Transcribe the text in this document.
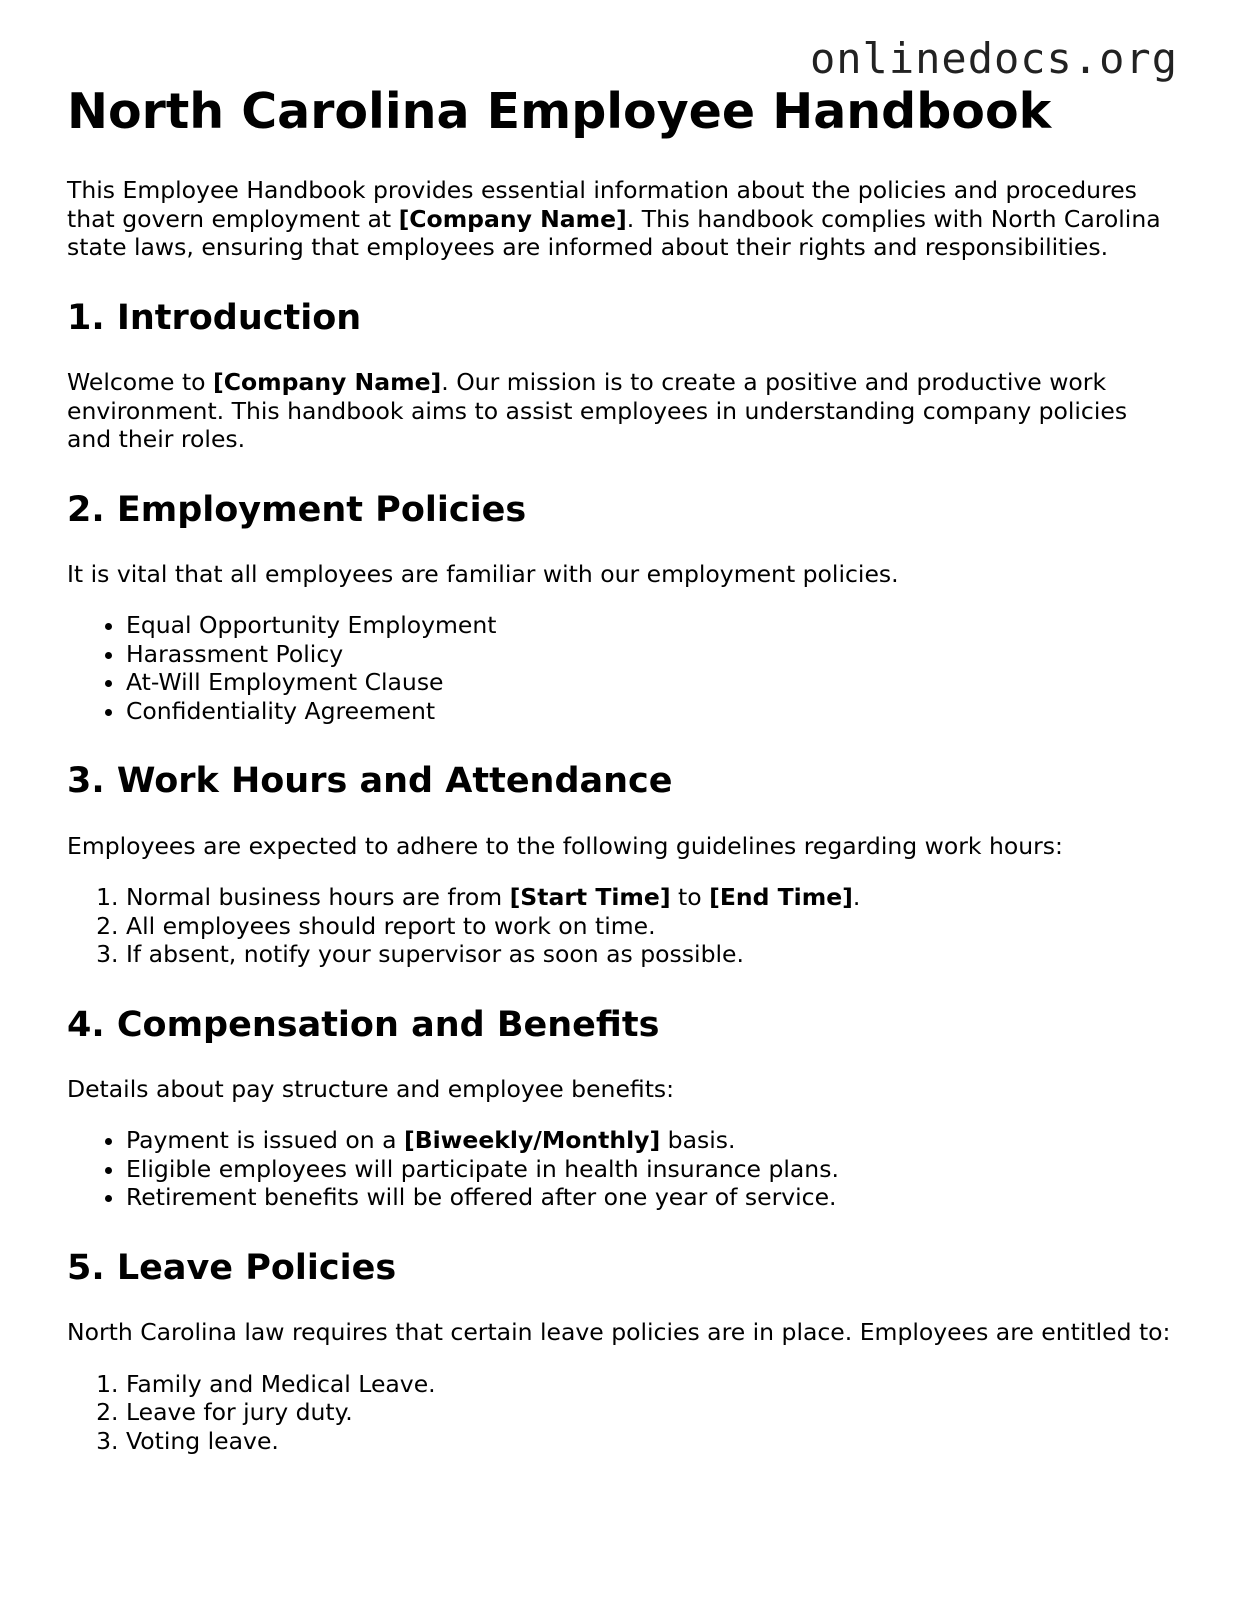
onlinedocs.org
North Carolina Employee Handbook

This Employee Handbook provides essential information about the policies and procedures that govern employment at [Company Name]. This handbook complies with North Carolina state laws, ensuring that employees are informed about their rights and responsibilities.

1. Introduction

Welcome to [Company Name]. Our mission is to create a positive and productive work environment. This handbook aims to assist employees in understanding company policies and their roles.

2. Employment Policies

It is vital that all employees are familiar with our employment policies.

• Equal Opportunity Employment
• Harassment Policy
• At-Will Employment Clause
• Confidentiality Agreement
3. Work Hours and Attendance

Employees are expected to adhere to the following guidelines regarding work hours:

1. Normal business hours are from [Start Time] to [End Time].
2. All employees should report to work on time.
3. If absent, notify your supervisor as soon as possible.
4. Compensation and Benefits

Details about pay structure and employee benefits:

• Payment is issued on a [Biweekly/Monthly] basis.
• Eligible employees will participate in health insurance plans.
• Retirement benefits will be offered after one year of service.
5. Leave Policies

North Carolina law requires that certain leave policies are in place. Employees are entitled to:

1. Family and Medical Leave.
2. Leave for jury duty.
3. Voting leave.
